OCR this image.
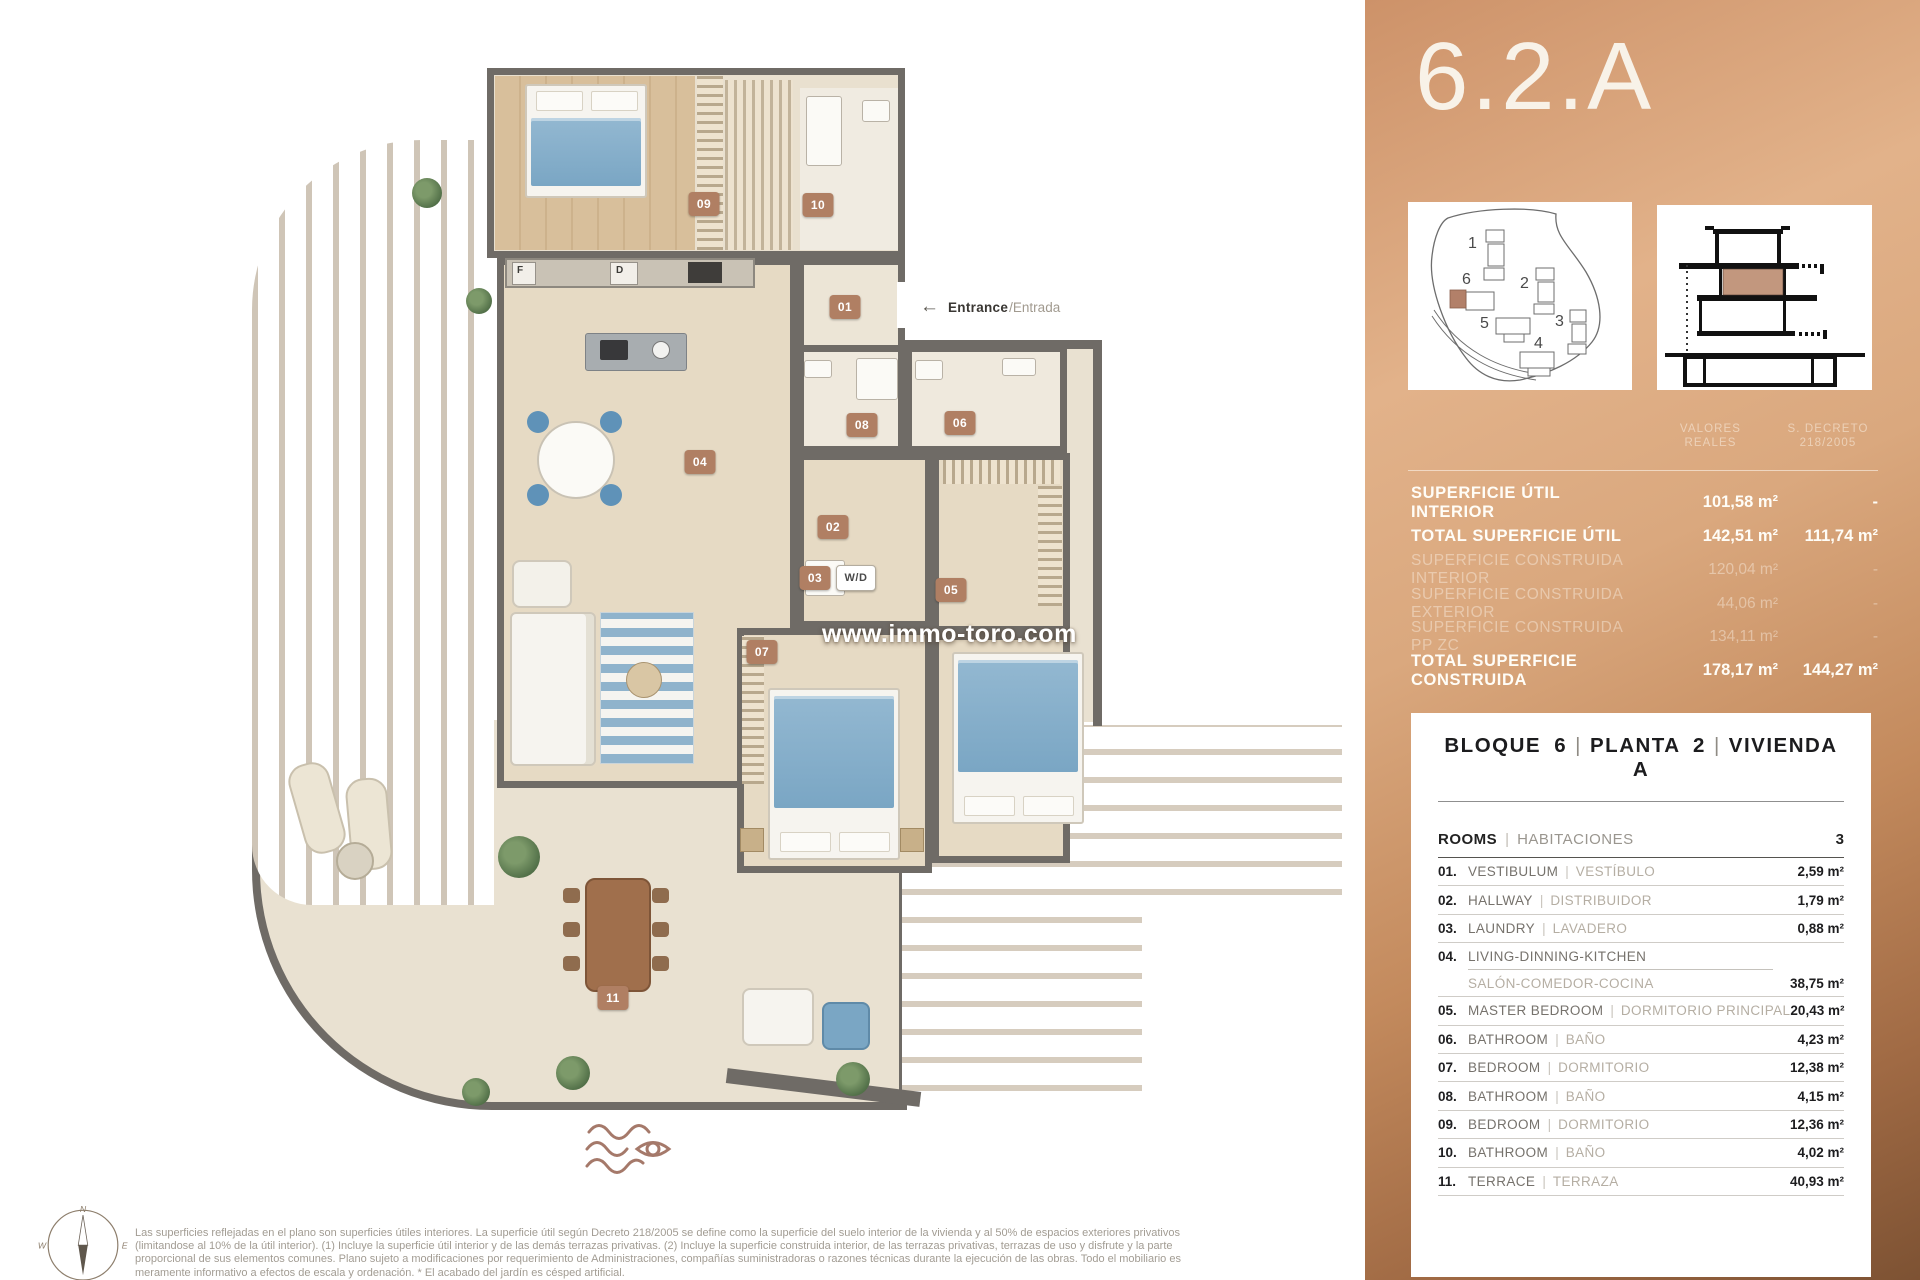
F	D
09	10
01
04
08	06
02
03	W/D
05
07
11
← Entrance /Entrada
www.immo-toro.com
N
W	E
Las superficies reflejadas en el plano son superficies útiles interiores. La superficie útil según Decreto 218/2005 se define como la superficie del suelo interior de la vivienda y al 50% de espacios exteriores privativos
(limitandose al 10% de la útil interior). (1) Incluye la superficie útil interior y de las demás terrazas privativas. (2) Incluye la superficie construida interior, de las terrazas privativas, terrazas de uso y disfrute y la parte
proporcional de sus elementos comunes. Plano sujeto a modificaciones por requerimiento de Administraciones, compañías suministradoras o razones técnicas durante la ejecución de las obras. Todo el mobiliario es
meramente informativo a efectos de escala y ordenación. * El acabado del jardín es césped artificial.
6.2.A
1
2
3
4
5
6
VALORES
REALES
S. DECRETO
218/2005
SUPERFICIE ÚTIL INTERIOR
101,58 m²	-
TOTAL SUPERFICIE ÚTIL	142,51 m²	111,74 m²
SUPERFICIE CONSTRUIDA INTERIOR
120,04 m²	-
SUPERFICIE CONSTRUIDA EXTERIOR
44,06 m²	-
SUPERFICIE CONSTRUIDA PP ZC
134,11 m²	-
TOTAL SUPERFICIE CONSTRUIDA
178,17 m²	144,27 m²
BLOQUE 6 | PLANTA 2 | VIVIENDA A
ROOMS | HABITACIONES	3
01. VESTIBULUM | VESTÍBULO	2,59 m²
02. HALLWAY | DISTRIBUIDOR	1,79 m²
03. LAUNDRY | LAVADERO	0,88 m²
04. LIVING-DINNING-KITCHEN
SALÓN-COMEDOR-COCINA	38,75 m²
05. MASTER BEDROOM | DORMITORIO PRINCIPAL 20,43 m²
06. BATHROOM | BAÑO	4,23 m²
07. BEDROOM | DORMITORIO	12,38 m²
08. BATHROOM | BAÑO	4,15 m²
09. BEDROOM | DORMITORIO	12,36 m²
10. BATHROOM | BAÑO	4,02 m²
11. TERRACE | TERRAZA	40,93 m²
